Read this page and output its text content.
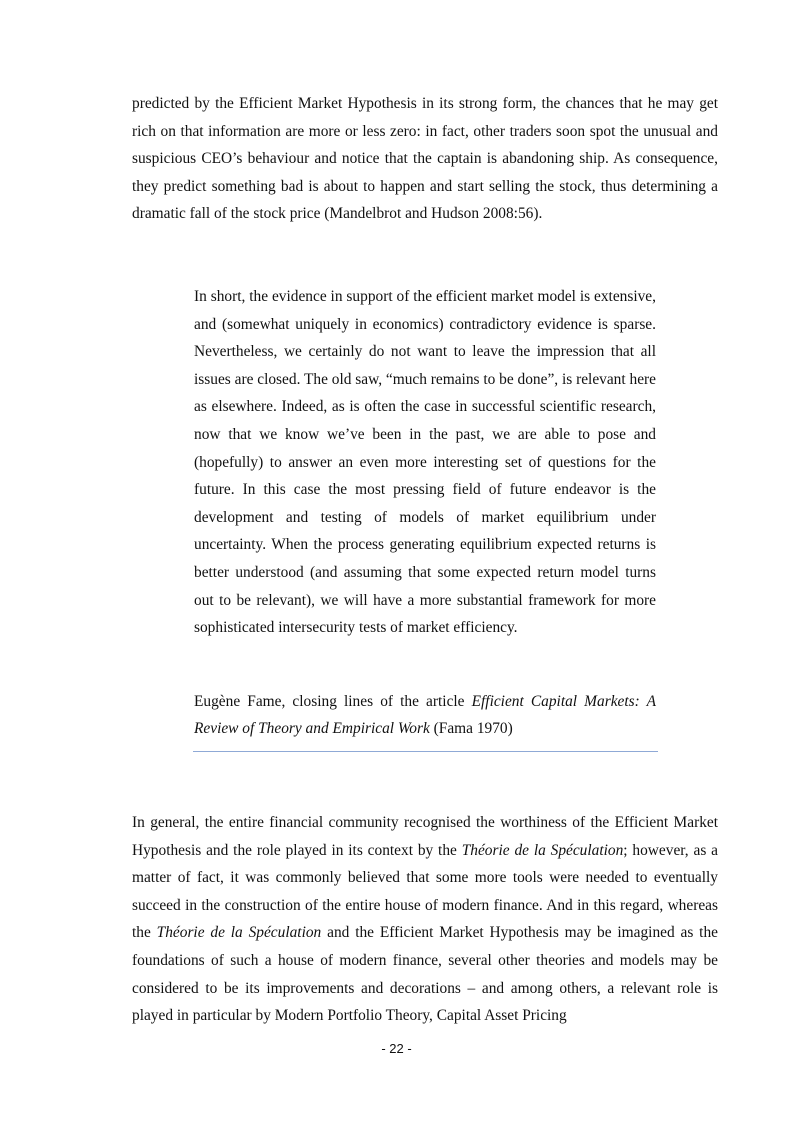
predicted by the Efficient Market Hypothesis in its strong form, the chances that he may get rich on that information are more or less zero: in fact, other traders soon spot the unusual and suspicious CEO’s behaviour and notice that the captain is abandoning ship. As consequence, they predict something bad is about to happen and start selling the stock, thus determining a dramatic fall of the stock price (Mandelbrot and Hudson 2008:56).

In short, the evidence in support of the efficient market model is extensive, and (somewhat uniquely in economics) contradictory evidence is sparse. Nevertheless, we certainly do not want to leave the impression that all issues are closed. The old saw, “much remains to be done”, is relevant here as elsewhere. Indeed, as is often the case in successful scientific research, now that we know we’ve been in the past, we are able to pose and (hopefully) to answer an even more interesting set of questions for the future. In this case the most pressing field of future endeavor is the development and testing of models of market equilibrium under uncertainty. When the process generating equilibrium expected returns is better understood (and assuming that some expected return model turns out to be relevant), we will have a more substantial framework for more sophisticated intersecurity tests of market efficiency.

Eugène Fame, closing lines of the article Efficient Capital Markets: A Review of Theory and Empirical Work (Fama 1970)

In general, the entire financial community recognised the worthiness of the Efficient Market Hypothesis and the role played in its context by the Théorie de la Spéculation; however, as a matter of fact, it was commonly believed that some more tools were needed to eventually succeed in the construction of the entire house of modern finance. And in this regard, whereas the Théorie de la Spéculation and the Efficient Market Hypothesis may be imagined as the foundations of such a house of modern finance, several other theories and models may be considered to be its improvements and decorations – and among others, a relevant role is played in particular by Modern Portfolio Theory, Capital Asset Pricing

- 22 -
